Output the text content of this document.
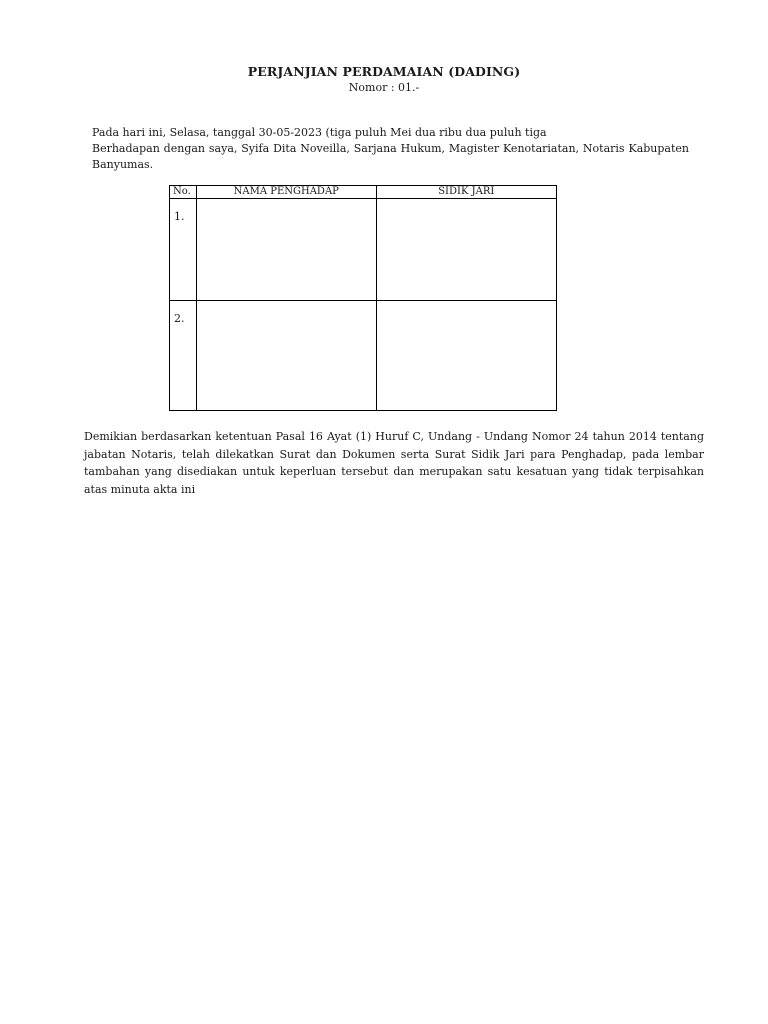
PERJANJIAN PERDAMAIAN (DADING)
Nomor : 01.-

Pada hari ini, Selasa, tanggal 30-05-2023 (tiga puluh Mei dua ribu dua puluh tiga

Berhadapan dengan saya, Syifa Dita Noveilla, Sarjana Hukum, Magister Kenotariatan, Notaris Kabupaten Banyumas.

No.	NAMA PENGHADAP	SIDIK JARI
1.		
2.		

Demikian berdasarkan ketentuan Pasal 16 Ayat (1) Huruf C, Undang - Undang Nomor 24 tahun 2014 tentang jabatan Notaris, telah dilekatkan Surat dan Dokumen serta Surat Sidik Jari para Penghadap, pada lembar tambahan yang disediakan untuk keperluan tersebut dan merupakan satu kesatuan yang tidak terpisahkan atas minuta akta ini
